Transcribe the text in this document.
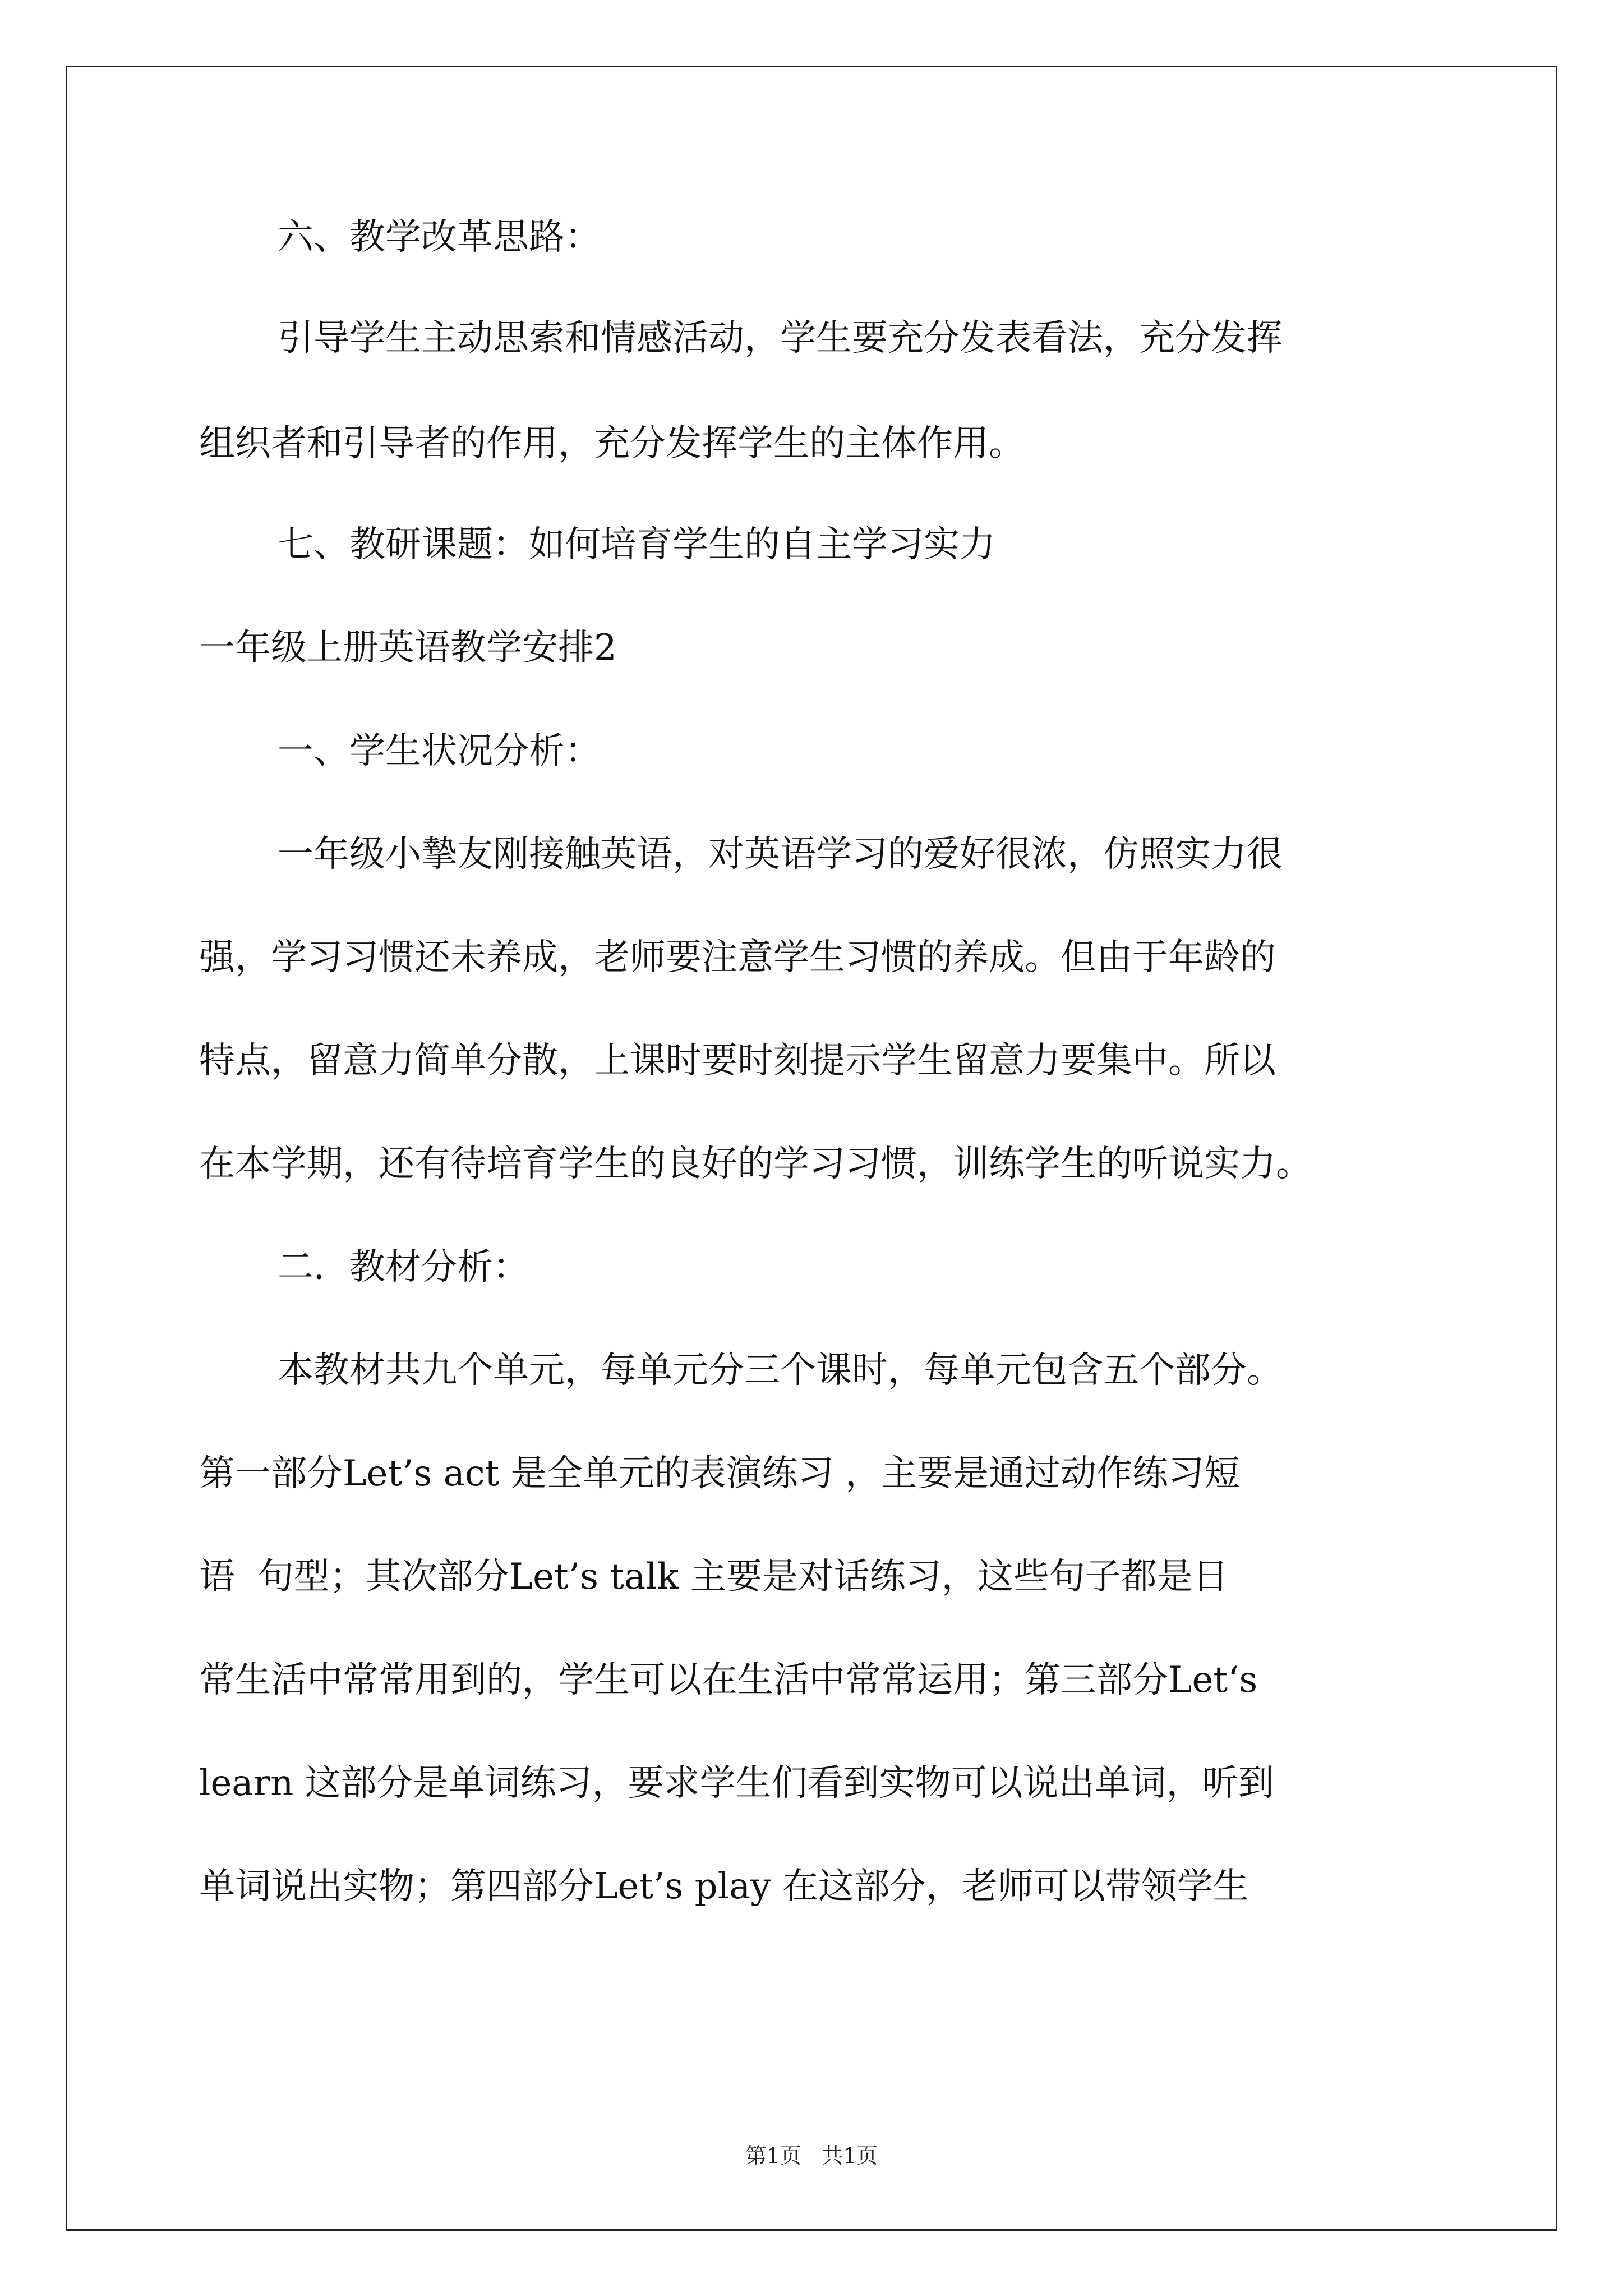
六、教学改革思路：

引导学生主动思索和情感活动，学生要充分发表看法，充分发挥

组织者和引导者的作用，充分发挥学生的主体作用。

七、教研课题：如何培育学生的自主学习实力

一年级上册英语教学安排2

一、学生状况分析：

一年级小摯友刚接触英语，对英语学习的爱好很浓，仿照实力很

强，学习习惯还未养成，老师要注意学生习惯的养成。但由于年龄的

特点，留意力简单分散，上课时要时刻提示学生留意力要集中。所以

在本学期，还有待培育学生的良好的学习习惯，训练学生的听说实力。

二．教材分析：

本教材共九个单元，每单元分三个课时，每单元包含五个部分。

第一部分Let’s act 是全单元的表演练习 ，主要是通过动作练习短

语  句型；其次部分Let’s talk 主要是对话练习，这些句子都是日

常生活中常常用到的，学生可以在生活中常常运用；第三部分Let‘s

learn 这部分是单词练习，要求学生们看到实物可以说出单词，听到

单词说出实物；第四部分Let’s play 在这部分，老师可以带领学生

第1页   共1页
